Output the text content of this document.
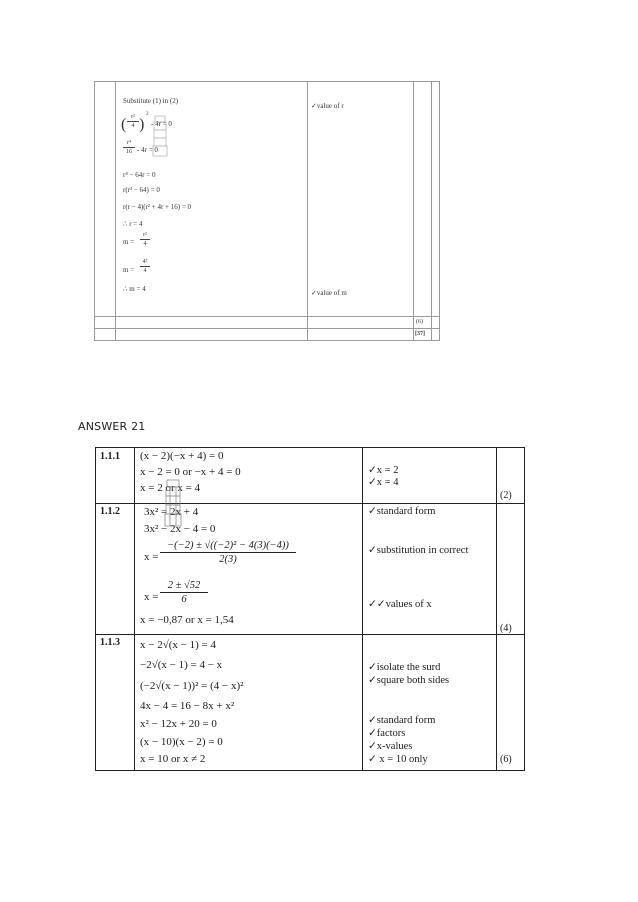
Substitute (1) in (2)
( r²
4 )
2
- 4r = 0
r⁴
16 - 4r = 0
r⁴ − 64r = 0
r(r³ − 64) = 0
r(r − 4)(r² + 4r + 16) = 0
∴ r = 4
m =
r²
4
m =
4²
4
∴ m = 4
✓value of r
✓value of m
(6)
[37]
ANSWER 21
1.1.1 (x − 2)(−x + 4) = 0
x − 2 = 0 or −x + 4 = 0
x = 2 or x = 4
✓x = 2
✓x = 4
(2)
1.1.2 3x² = 2x + 4
3x² − 2x − 4 = 0
x =
−(−2) ± √((−2)² − 4(3)(−4))
2(3)
x =
2 ± √52
6
x = −0,87 or x = 1,54
✓standard form
✓substitution in correct
✓✓values of x
(4)
1.1.3 x − 2√(x − 1) = 4
−2√(x − 1) = 4 − x
(−2√(x − 1))² = (4 − x)²
4x − 4 = 16 − 8x + x²
x² − 12x + 20 = 0
(x − 10)(x − 2) = 0
x = 10 or x ≠ 2
✓isolate the surd
✓square both sides
✓standard form
✓factors
✓x-values
✓ x = 10 only	(6)
